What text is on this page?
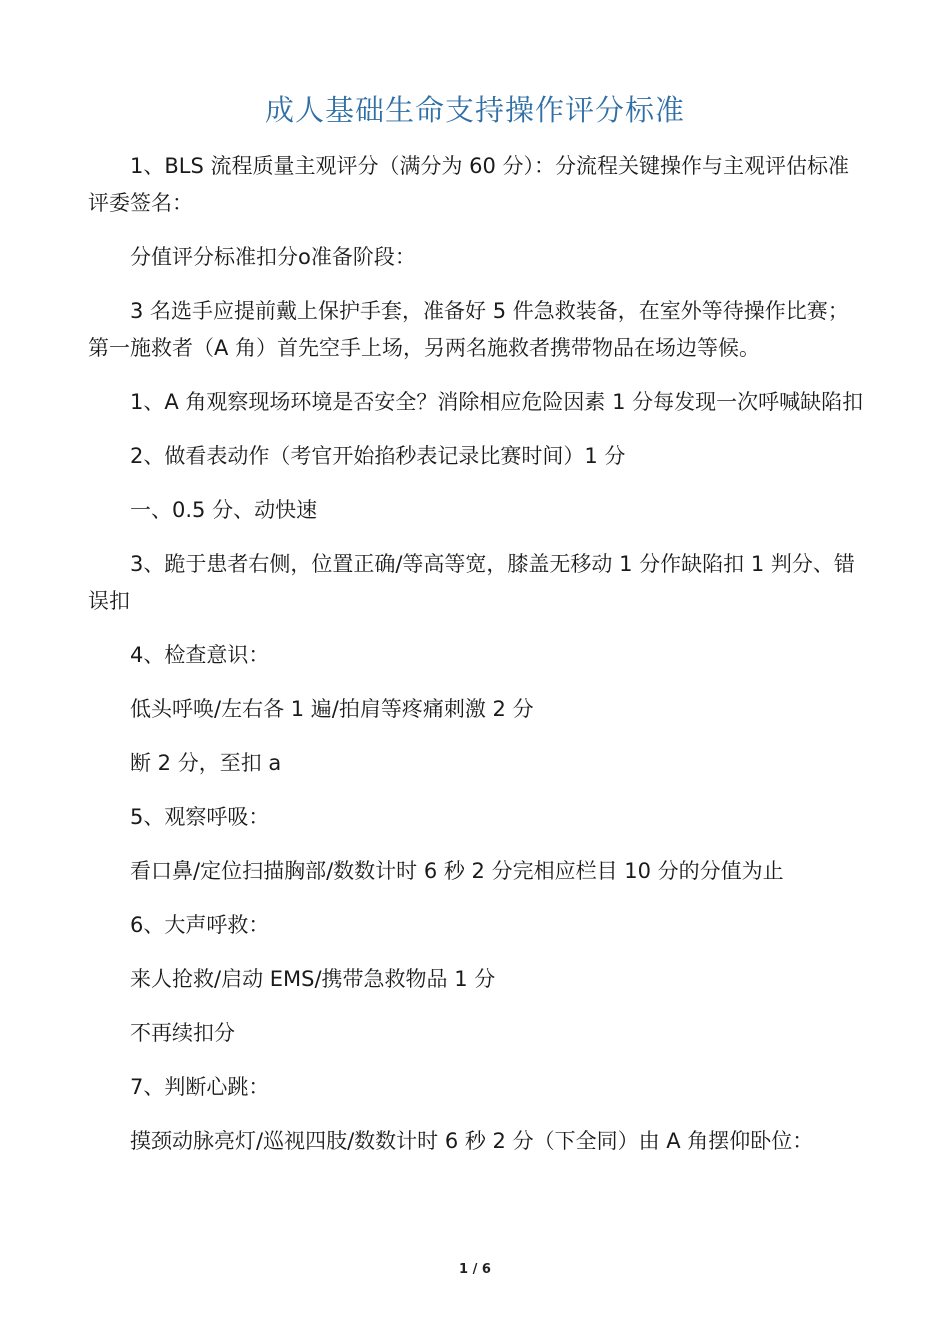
成人基础生命支持操作评分标准

1、BLS 流程质量主观评分（满分为 60 分）：分流程关键操作与主观评估标准评委签名：

分值评分标准扣分o准备阶段：

3 名选手应提前戴上保护手套，准备好 5 件急救装备，在室外等待操作比赛；第一施救者（A 角）首先空手上场，另两名施救者携带物品在场边等候。

1、A 角观察现场环境是否安全？消除相应危险因素 1 分每发现一次呼喊缺陷扣

2、做看表动作（考官开始掐秒表记录比赛时间）1 分

一、0.5 分、动快速

3、跪于患者右侧，位置正确/等高等宽，膝盖无移动 1 分作缺陷扣 1 判分、错误扣

4、检查意识：

低头呼唤/左右各 1 遍/拍肩等疼痛刺激 2 分

断 2 分，至扣 a

5、观察呼吸：

看口鼻/定位扫描胸部/数数计时 6 秒 2 分完相应栏目 10 分的分值为止

6、大声呼救：

来人抢救/启动 EMS/携带急救物品 1 分

不再续扣分

7、判断心跳：

摸颈动脉亮灯/巡视四肢/数数计时 6 秒 2 分（下全同）由 A 角摆仰卧位：

1 / 6
